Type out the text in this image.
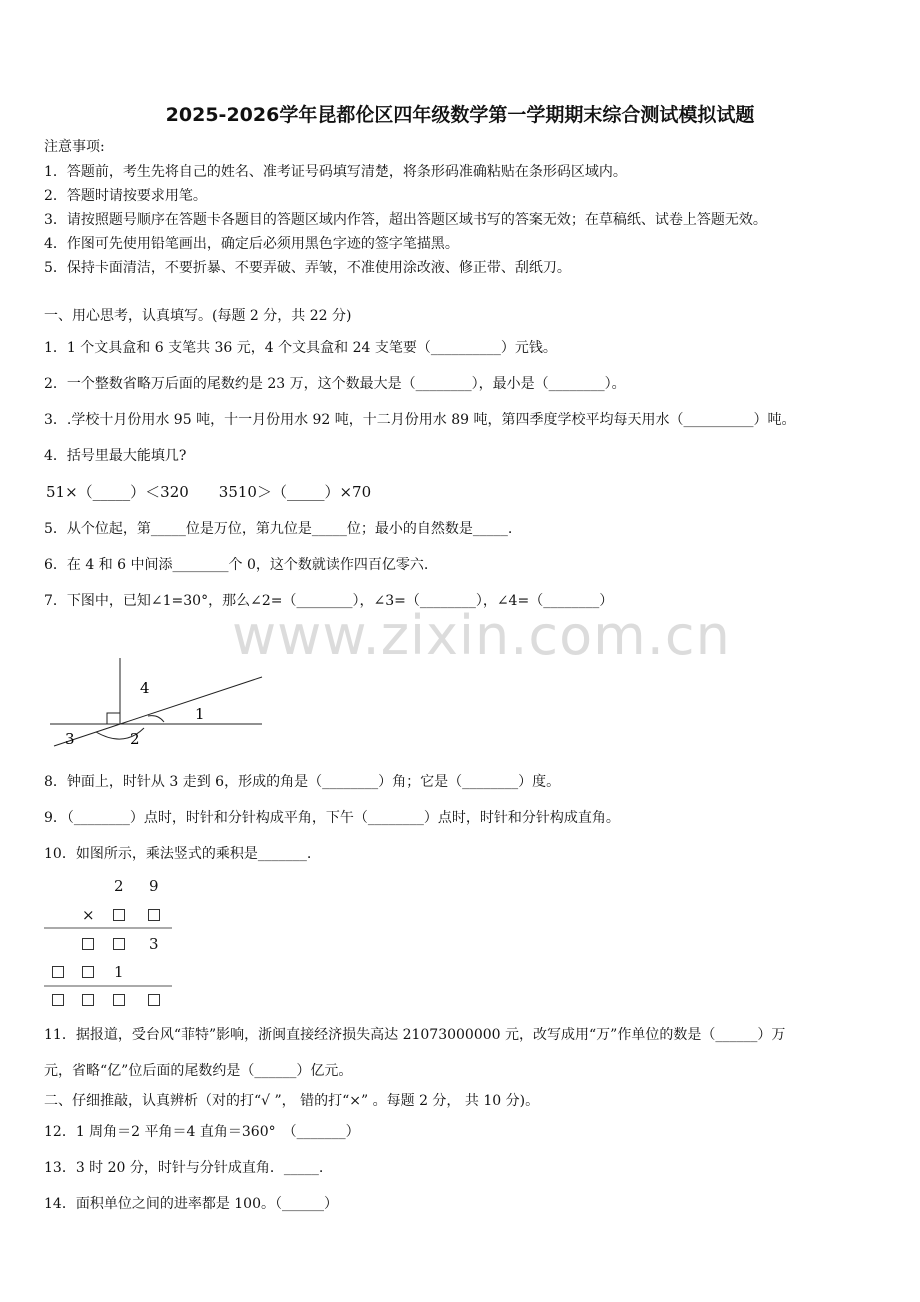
2025-2026学年昆都伦区四年级数学第一学期期末综合测试模拟试题
注意事项:
1．答题前，考生先将自己的姓名、准考证号码填写清楚，将条形码准确粘贴在条形码区域内。
2．答题时请按要求用笔。
3．请按照题号顺序在答题卡各题目的答题区域内作答，超出答题区域书写的答案无效；在草稿纸、试卷上答题无效。
4．作图可先使用铅笔画出，确定后必须用黑色字迹的签字笔描黑。
5．保持卡面清洁，不要折暴、不要弄破、弄皱，不准使用涂改液、修正带、刮纸刀。
一、用心思考，认真填写。(每题 2 分，共 22 分)
1．1 个文具盒和 6 支笔共 36 元，4 个文具盒和 24 支笔要（__________）元钱。
2．一个整数省略万后面的尾数约是 23 万，这个数最大是（________），最小是（________）。
3．.学校十月份用水 95 吨，十一月份用水 92 吨，十二月份用水 89 吨，第四季度学校平均每天用水（__________）吨。
4．括号里最大能填几?
51×（_____）＜320　　3510＞（_____）×70
5．从个位起，第_____位是万位，第九位是_____位；最小的自然数是_____.
6．在 4 和 6 中间添________个 0，这个数就读作四百亿零六.
7．下图中，已知∠1=30°，那么∠2=（________），∠3=（________），∠4=（________）
www.zixin.com.cn
4
1
3	2
8．钟面上，时针从 3 走到 6，形成的角是（________）角；它是（________）度。
9．（________）点时，时针和分针构成平角，下午（________）点时，时针和分针构成直角。
10．如图所示，乘法竖式的乘积是_______.
2 9
×
3
1
11．据报道，受台风“菲特”影响，浙闽直接经济损失高达 21073000000 元，改写成用“万”作单位的数是（______）万
元，省略“亿”位后面的尾数约是（______）亿元。
二、仔细推敲，认真辨析（对的打“√ ”， 错的打“×” 。每题 2 分， 共 10 分)。
12．1 周角＝2 平角＝4 直角＝360°　（_______）
13．3 时 20 分，时针与分针成直角．_____.
14．面积单位之间的进率都是 100。（______）
